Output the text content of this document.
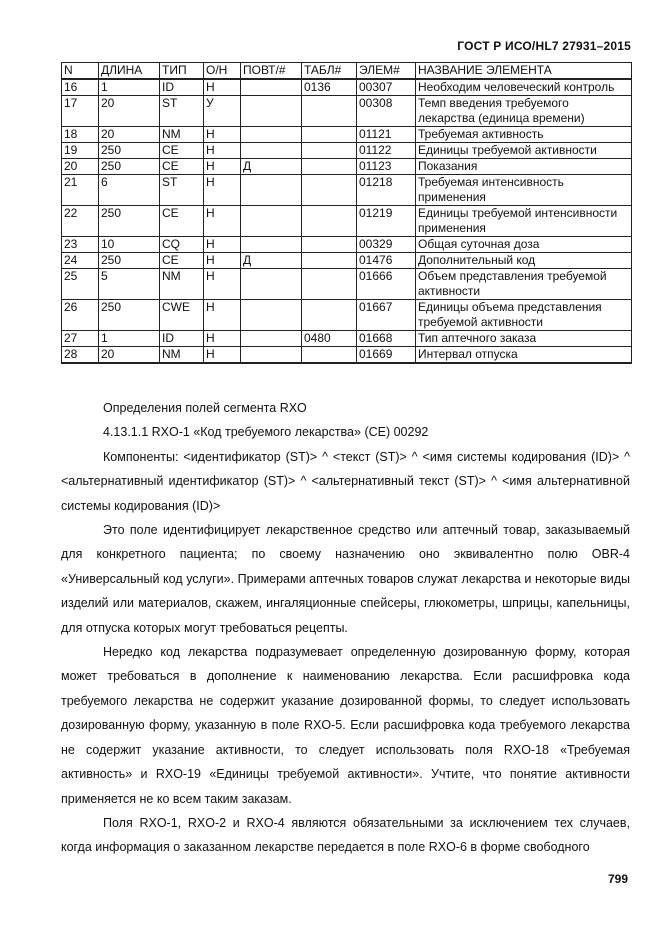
ГОСТ Р ИСО/HL7 27931–2015
N	ДЛИНА	ТИП	О/Н	ПОВТ/#	ТАБЛ#	ЭЛЕМ#	НАЗВАНИЕ ЭЛЕМЕНТА
16	1	ID	Н		0136	00307	Необходим человеческий контроль
17	20	ST	У			00308	Темп введения требуемого лекарства (единица времени)
18	20	NM	Н			01121	Требуемая активность
19	250	CE	Н			01122	Единицы требуемой активности
20	250	CE	Н	Д		01123	Показания
21	6	ST	Н			01218	Требуемая интенсивность применения
22	250	CE	Н			01219	Единицы требуемой интенсивности применения
23	10	CQ	Н			00329	Общая суточная доза
24	250	CE	Н	Д		01476	Дополнительный код
25	5	NM	Н			01666	Объем представления требуемой активности
26	250	CWE	Н			01667	Единицы объема представления требуемой активности
27	1	ID	Н		0480	01668	Тип аптечного заказа
28	20	NM	Н			01669	Интервал отпуска

Определения полей сегмента RXO

4.13.1.1 RXO-1 «Код требуемого лекарства» (CE) 00292

Компоненты: <идентификатор (ST)> ^ <текст (ST)> ^ <имя системы кодирования (ID)> ^ <альтернативный идентификатор (ST)> ^ <альтернативный текст (ST)> ^ <имя альтернативной системы кодирования (ID)>

Это поле идентифицирует лекарственное средство или аптечный товар, заказываемый для конкретного пациента; по своему назначению оно эквивалентно полю OBR-4 «Универсальный код услуги». Примерами аптечных товаров служат лекарства и некоторые виды изделий или материалов, скажем, ингаляционные спейсеры, глюкометры, шприцы, капельницы, для отпуска которых могут требоваться рецепты.

Нередко код лекарства подразумевает определенную дозированную форму, которая может требоваться в дополнение к наименованию лекарства. Если расшифровка кода требуемого лекарства не содержит указание дозированной формы, то следует использовать дозированную форму, указанную в поле RXO-5. Если расшифровка кода требуемого лекарства не содержит указание активности, то следует использовать поля RXO-18 «Требуемая активность» и RXO-19 «Единицы требуемой активности». Учтите, что понятие активности применяется не ко всем таким заказам.

Поля RXO-1, RXO-2 и RXO-4 являются обязательными за исключением тех случаев, когда информация о заказанном лекарстве передается в поле RXO-6 в форме свободного

799
